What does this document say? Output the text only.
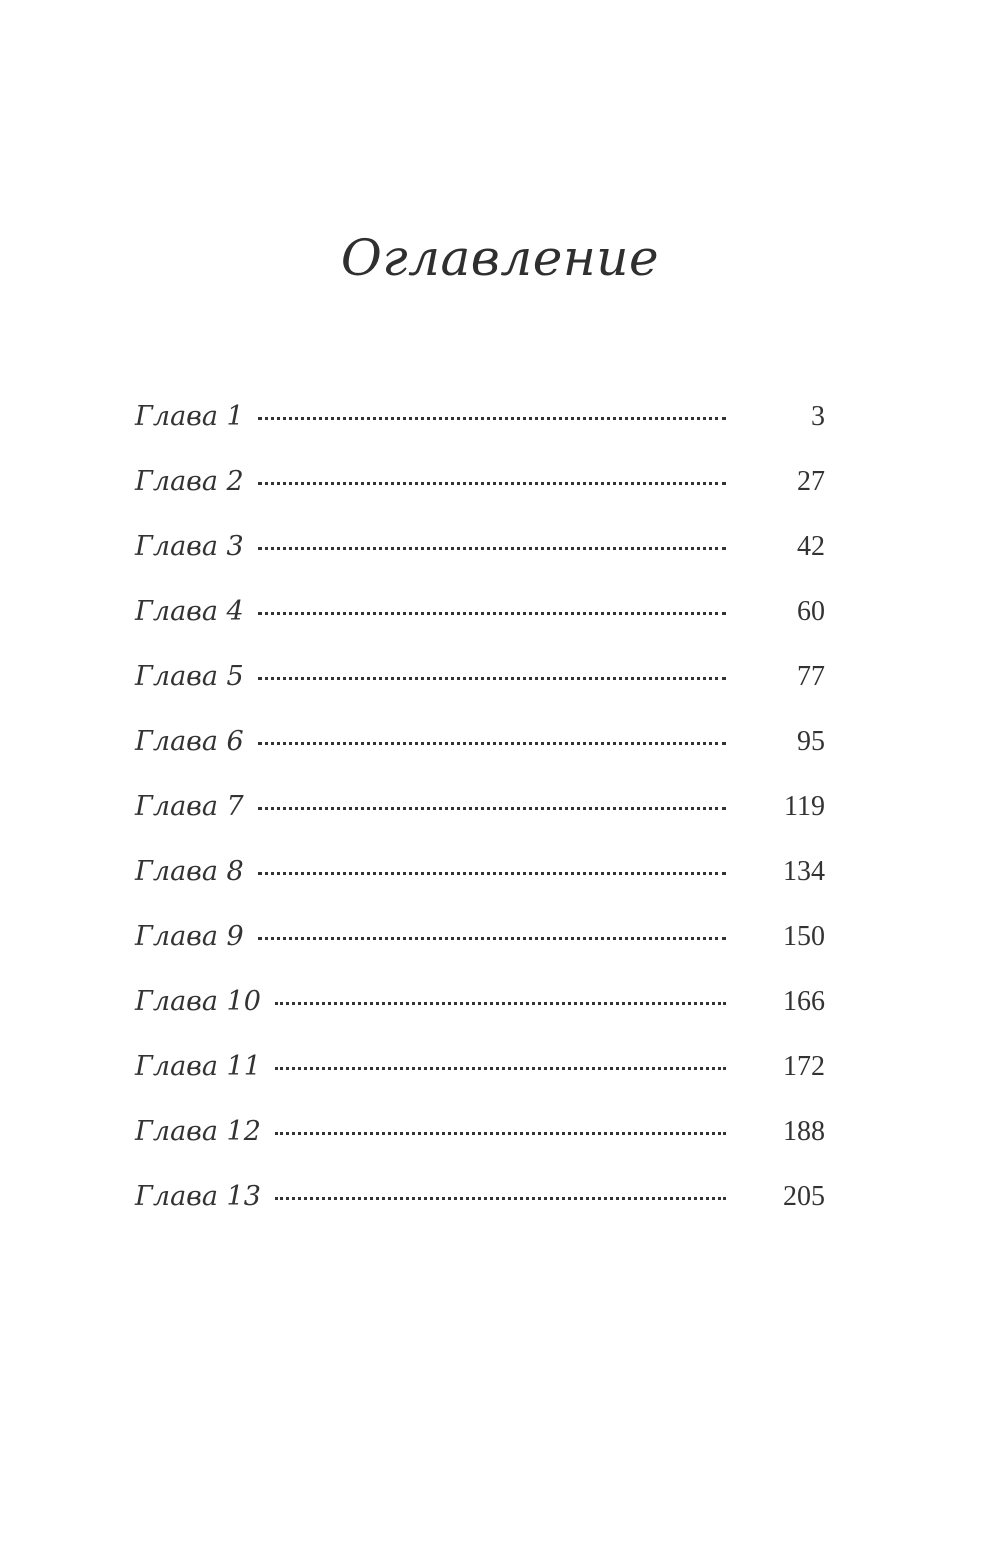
Оглавление
Глава 1	3
Глава 2	27
Глава 3	42
Глава 4	60
Глава 5	77
Глава 6	95
Глава 7	119
Глава 8	134
Глава 9	150
Глава 10	166
Глава 11	172
Глава 12	188
Глава 13	205
